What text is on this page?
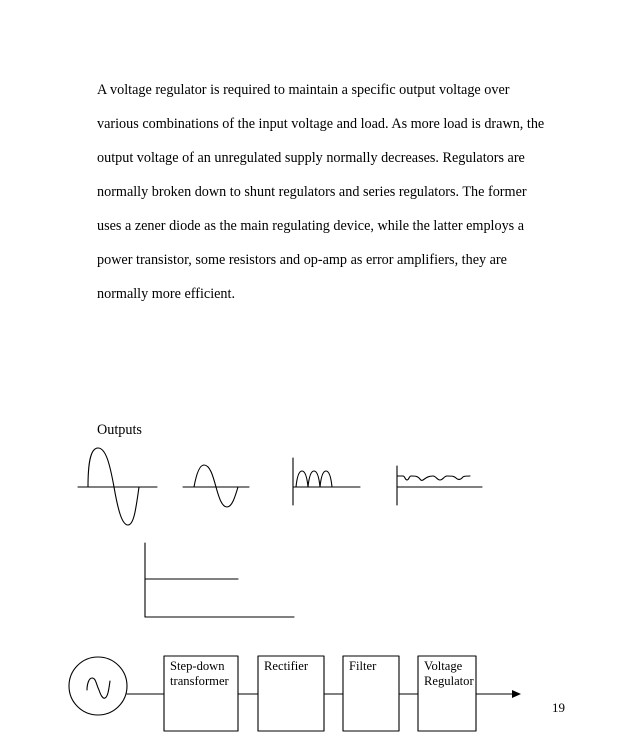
A voltage regulator is required to maintain a specific output voltage over
various combinations of the input voltage and load. As more load is drawn, the
output voltage of an unregulated supply normally decreases. Regulators are
normally broken down to shunt regulators and series regulators. The former
uses a zener diode as the main regulating device, while the latter employs a
power transistor, some resistors and op-amp as error amplifiers, they are
normally more efficient.
Outputs
Step-down
transformer
Rectifier	Filter	Voltage
Regulator
19
